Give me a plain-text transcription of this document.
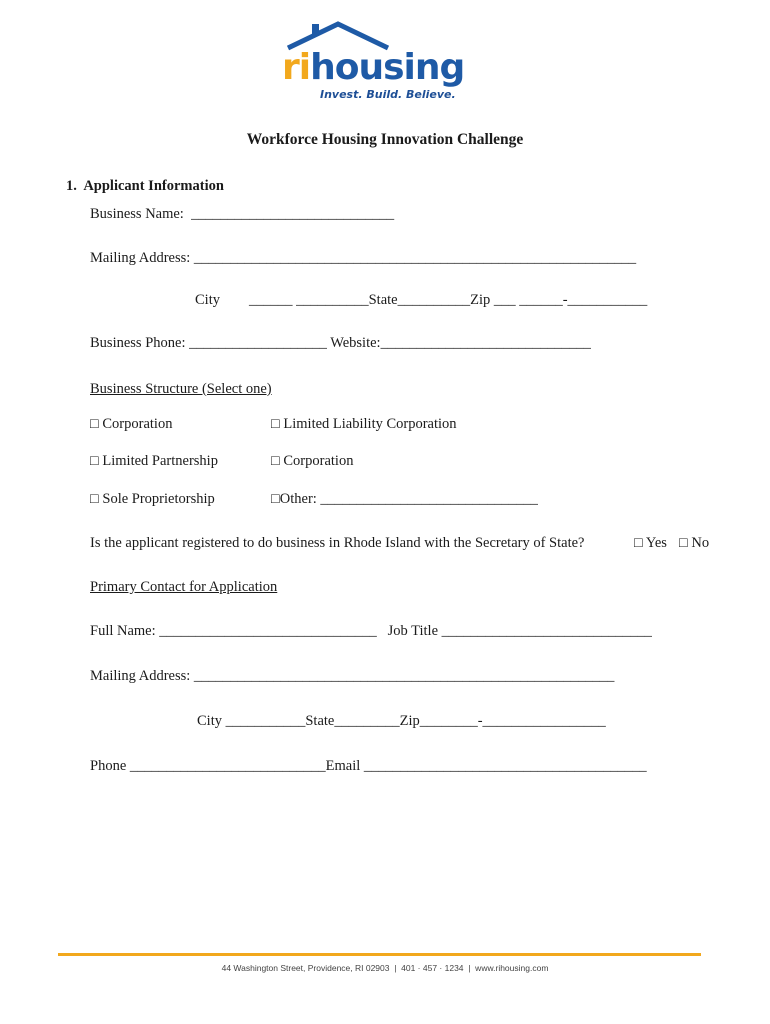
rihousing
Invest. Build. Believe.
Workforce Housing Innovation Challenge
1.  Applicant Information
Business Name:  ____________________________
Mailing Address: _____________________________________________________________
City        ______ __________State__________Zip ___ ______-___________
Business Phone: ___________________ Website:_____________________________
Business Structure (Select one)
□ Corporation	□ Limited Liability Corporation
□ Limited Partnership	□ Corporation
□ Sole Proprietorship	□Other: ______________________________
Is the applicant registered to do business in Rhode Island with the Secretary of State?	□ Yes □ No
Primary Contact for Application
Full Name: ______________________________   Job Title _____________________________
Mailing Address: __________________________________________________________
City ___________State_________Zip________-_________________
Phone ___________________________Email _______________________________________
44 Washington Street, Providence, RI 02903  |  401 · 457 · 1234  |  www.rihousing.com
